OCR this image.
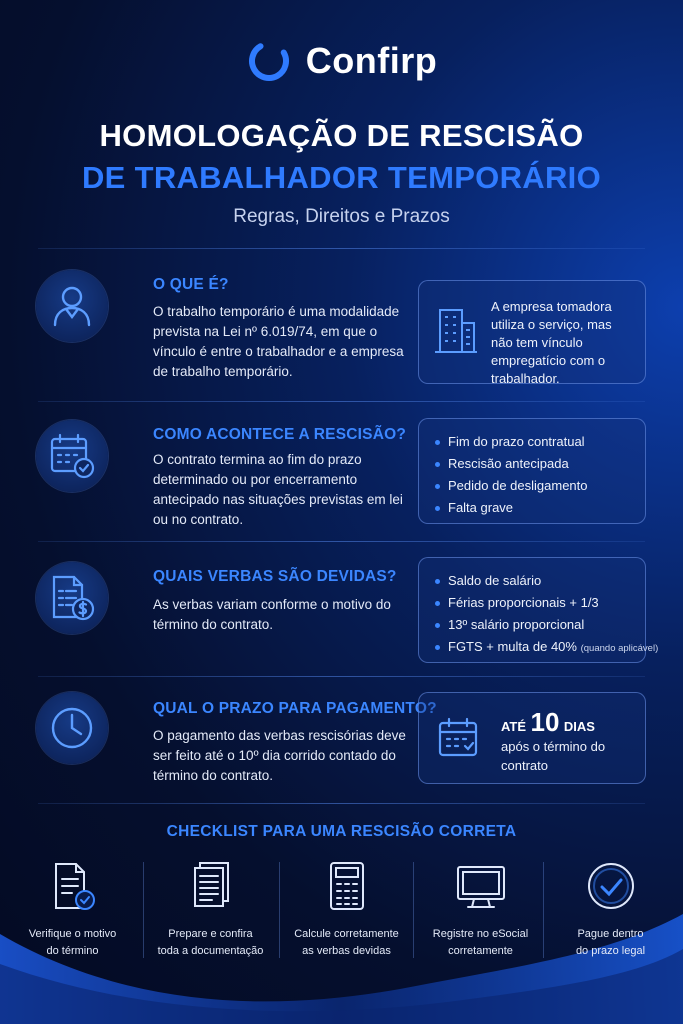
Confirp
HOMOLOGAÇÃO DE RESCISÃO
DE TRABALHADOR TEMPORÁRIO
Regras, Direitos e Prazos
O QUE É?
O trabalho temporário é uma modalidade prevista na Lei nº 6.019/74, em que o vínculo é entre o trabalhador e a empresa de trabalho temporário.
A empresa tomadora utiliza o serviço, mas não tem vínculo empregatício com o trabalhador.
COMO ACONTECE A RESCISÃO?
O contrato termina ao fim do prazo determinado ou por encerramento antecipado nas situações previstas em lei ou no contrato.
Fim do prazo contratual
Rescisão antecipada
Pedido de desligamento
Falta grave
QUAIS VERBAS SÃO DEVIDAS?
As verbas variam conforme o motivo do término do contrato.
Saldo de salário
Férias proporcionais + 1/3
13º salário proporcional
FGTS + multa de 40% (quando aplicável)
QUAL O PRAZO PARA PAGAMENTO?
O pagamento das verbas rescisórias deve ser feito até o 10º dia corrido contado do término do contrato.
ATÉ 10 DIAS
após o término do contrato
CHECKLIST PARA UMA RESCISÃO CORRETA
Verifique o motivo
do término
Prepare e confira
toda a documentação
Calcule corretamente
as verbas devidas
Registre no eSocial
corretamente
Pague dentro
do prazo legal
